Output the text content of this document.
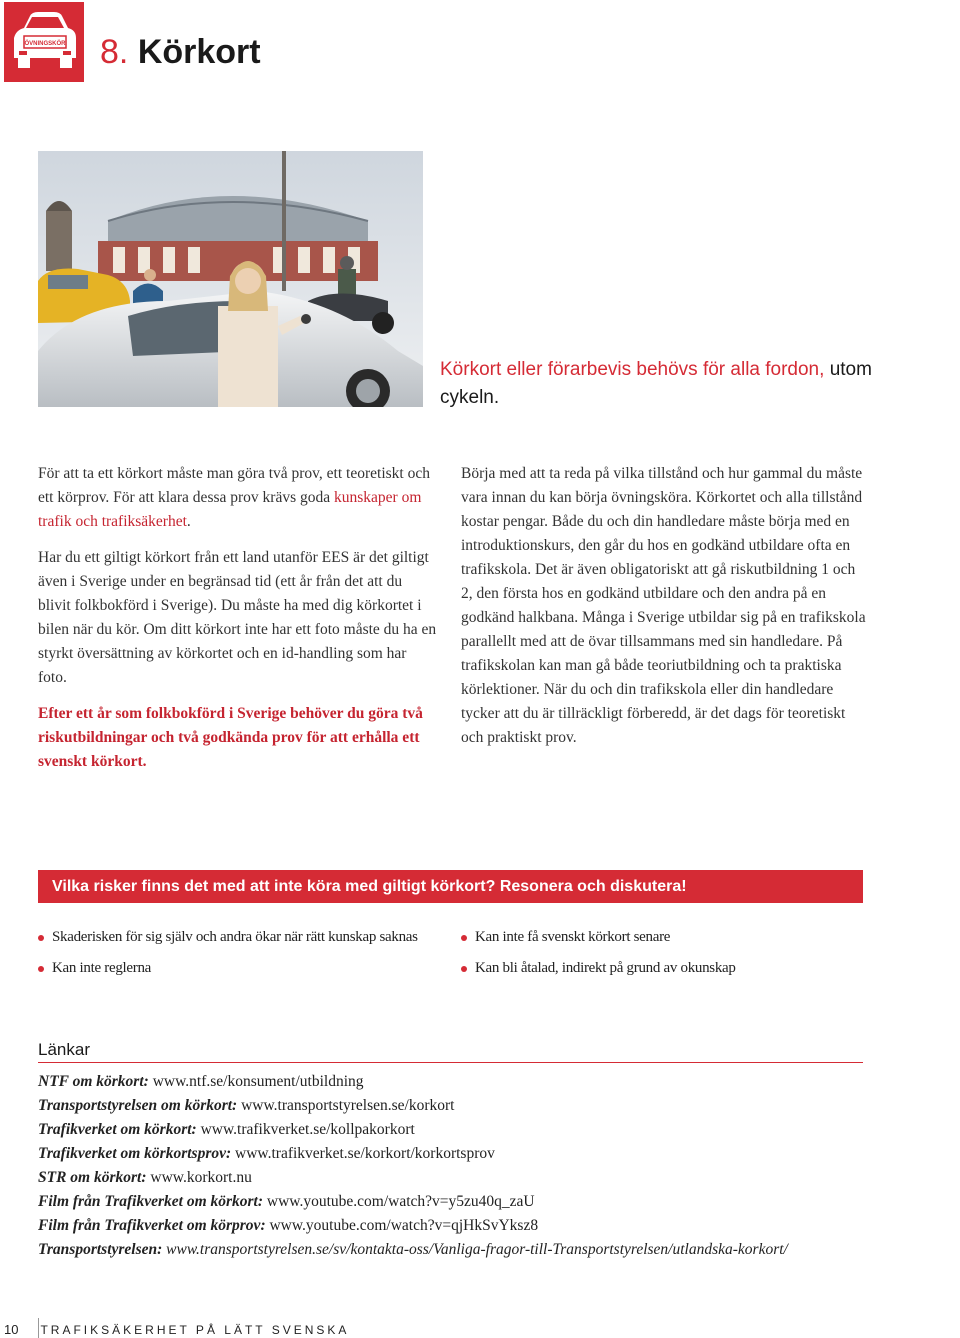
ÖVNINGSKÖR 8. Körkort
Körkort eller förarbevis behövs för alla fordon, utom cykeln.

För att ta ett körkort måste man göra två prov, ett teoretiskt och ett körprov. För att klara dessa prov krävs goda kunskaper om trafik och trafiksäkerhet.

Har du ett giltigt körkort från ett land utanför EES är det giltigt även i Sverige under en begränsad tid (ett år från det att du blivit folkbokförd i Sverige). Du måste ha med dig körkortet i bilen när du kör. Om ditt körkort inte har ett foto måste du ha en styrkt översättning av körkortet och en id-handling som har foto.

Efter ett år som folkbokförd i Sverige behöver du göra två riskutbildningar och två godkända prov för att erhålla ett svenskt körkort.

Börja med att ta reda på vilka tillstånd och hur gammal du måste vara innan du kan börja övningsköra. Körkortet och alla tillstånd kostar pengar. Både du och din handledare måste börja med en introduktionskurs, den går du hos en godkänd utbildare ofta en trafikskola. Det är även obligatoriskt att gå riskutbildning 1 och 2, den första hos en godkänd utbildare och den andra på en godkänd halkbana. Många i Sverige utbildar sig på en trafikskola parallellt med att de övar tillsammans med sin handledare. På trafikskolan kan man gå både teoriutbildning och ta praktiska körlektioner. När du och din trafikskola eller din handledare tycker att du är tillräckligt förberedd, är det dags för teoretiskt och praktiskt prov.

Vilka risker finns det med att inte köra med giltigt körkort? Resonera och diskutera!
Skaderisken för sig själv och andra ökar när rätt kunskap saknas
Kan inte reglerna
Kan inte få svenskt körkort senare
Kan bli åtalad, indirekt på grund av okunskap
Länkar
NTF om körkort: www.ntf.se/konsument/utbildning
Transportstyrelsen om körkort: www.transportstyrelsen.se/korkort
Trafikverket om körkort: www.trafikverket.se/kollpakorkort
Trafikverket om körkortsprov: www.trafikverket.se/korkort/korkortsprov
STR om körkort: www.korkort.nu
Film från Trafikverket om körkort: www.youtube.com/watch?v=y5zu40q_zaU
Film från Trafikverket om körprov: www.youtube.com/watch?v=qjHkSvYksz8
Transportstyrelsen: www.transportstyrelsen.se/sv/kontakta-oss/Vanliga-fragor-till-Transportstyrelsen/utlandska-korkort/
10 TRAFIKSÄKERHET PÅ LÄTT SVENSKA
